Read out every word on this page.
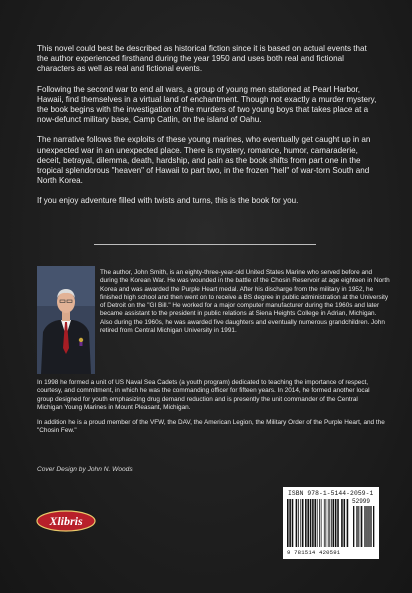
This novel could best be described as historical fiction since it is based on actual events that the author experienced firsthand during the year 1950 and uses both real and fictional characters as well as real and fictional events.

Following the second war to end all wars, a group of young men stationed at Pearl Harbor, Hawaii, find themselves in a virtual land of enchantment. Though not exactly a murder mystery, the book begins with the investigation of the murders of two young boys that takes place at a now-defunct military base, Camp Catlin, on the island of Oahu.

The narrative follows the exploits of these young marines, who eventually get caught up in an unexpected war in an unexpected place. There is mystery, romance, humor, camaraderie, deceit, betrayal, dilemma, death, hardship, and pain as the book shifts from part one in the tropical splendorous "heaven" of Hawaii to part two, in the frozen "hell" of war-torn South and North Korea.

If you enjoy adventure filled with twists and turns, this is the book for you.

The author, John Smith, is an eighty-three-year-old United States Marine who served before and during the Korean War. He was wounded in the battle of the Chosin Reservoir at age eighteen in North Korea and was awarded the Purple Heart medal. After his discharge from the military in 1952, he finished high school and then went on to receive a BS degree in public administration at the University of Detroit on the "GI Bill." He worked for a major computer manufacturer during the 1960s and later became assistant to the president in public relations at Siena Heights College in Adrian, Michigan. Also during the 1960s, he was awarded five daughters and eventually numerous grandchildren. John retired from Central Michigan University in 1991.

In 1998 he formed a unit of US Naval Sea Cadets (a youth program) dedicated to teaching the importance of respect, courtesy, and commitment, in which he was the commanding officer for fifteen years. In 2014, he formed another local group designed for youth emphasizing drug demand reduction and is presently the unit commander of the Central Michigan Young Marines in Mount Pleasant, Michigan.

In addition he is a proud member of the VFW, the DAV, the American Legion, the Military Order of the Purple Heart, and the "Chosin Few."

Cover Design by John N. Woods
Xlibris
ISBN 978-1-5144-2059-1
52999
9 781514 420591
